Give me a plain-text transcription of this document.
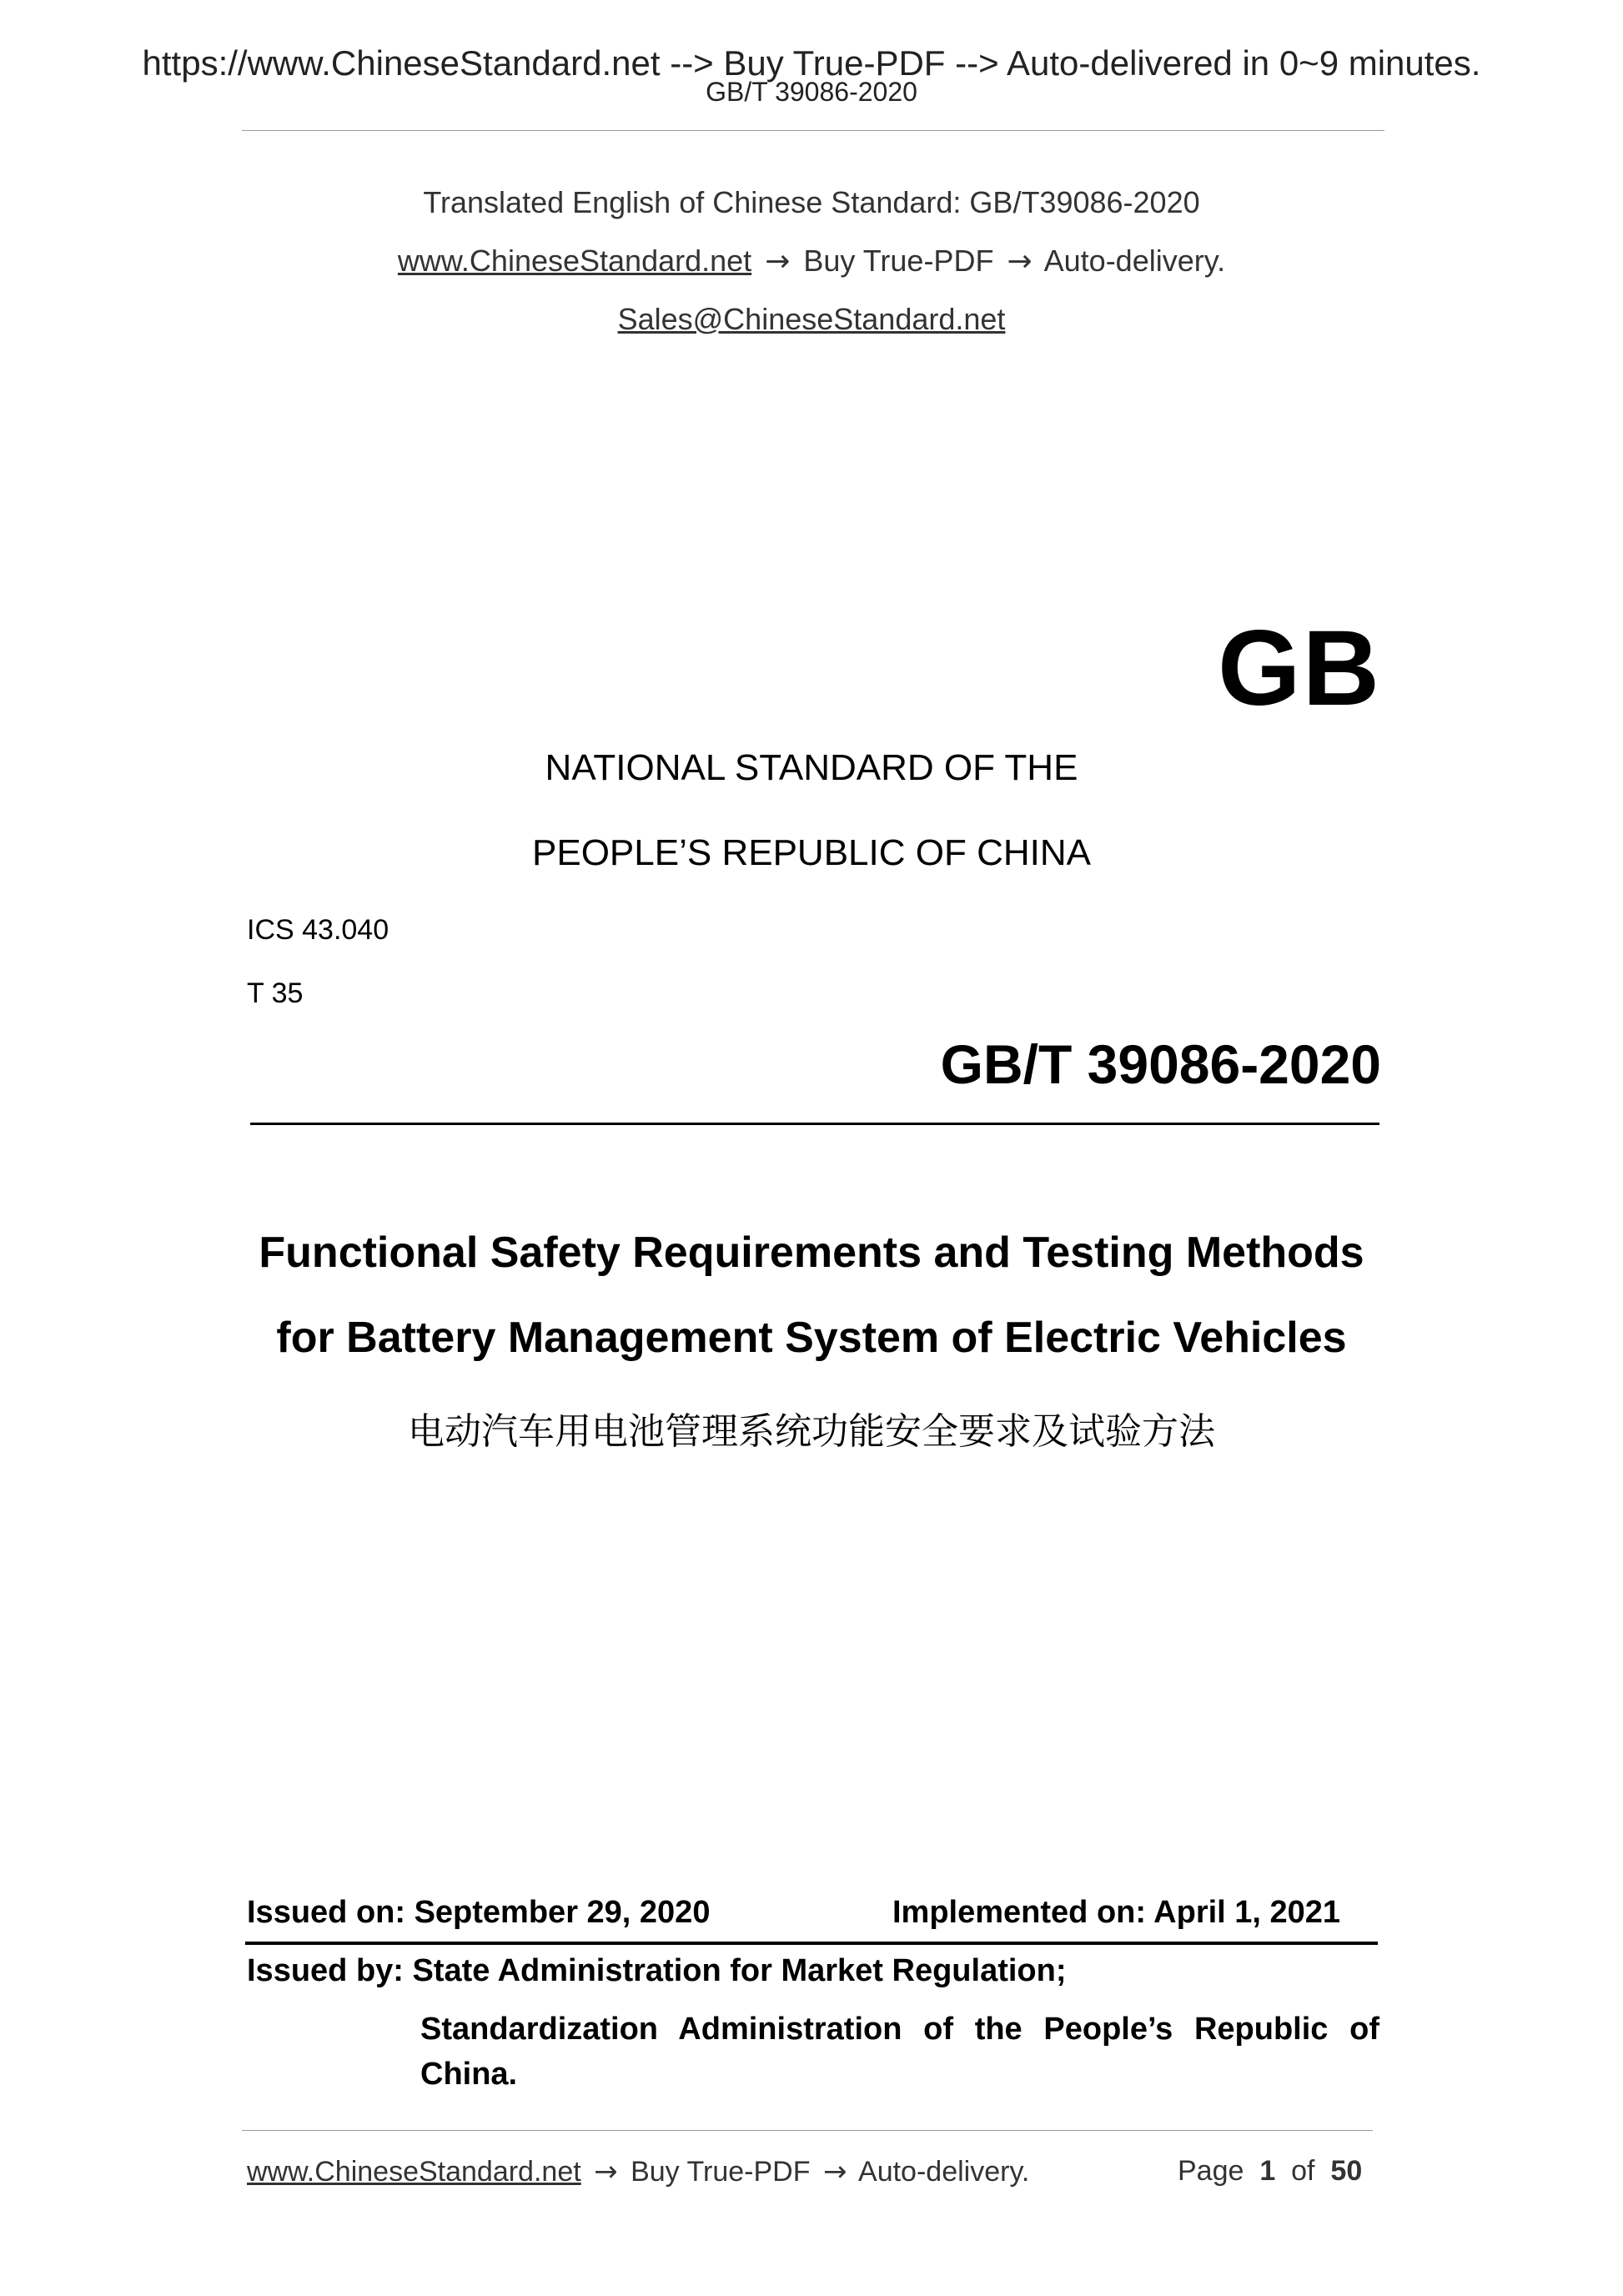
https://www.ChineseStandard.net --> Buy True-PDF --> Auto-delivered in 0~9 minutes.
GB/T 39086-2020
Translated English of Chinese Standard: GB/T39086-2020
www.ChineseStandard.net → Buy True-PDF → Auto-delivery.
Sales@ChineseStandard.net
GB
NATIONAL STANDARD OF THE
PEOPLE’S REPUBLIC OF CHINA
ICS 43.040
T 35
GB/T 39086-2020
Functional Safety Requirements and Testing Methods
for Battery Management System of Electric Vehicles
电动汽车用电池管理系统功能安全要求及试验方法
Issued on: September 29, 2020	Implemented on: April 1, 2021
Issued by: State Administration for Market Regulation;
Standardization Administration of the People’s Republic of
China.
www.ChineseStandard.net → Buy True-PDF → Auto-delivery.	Page 1 of 50
